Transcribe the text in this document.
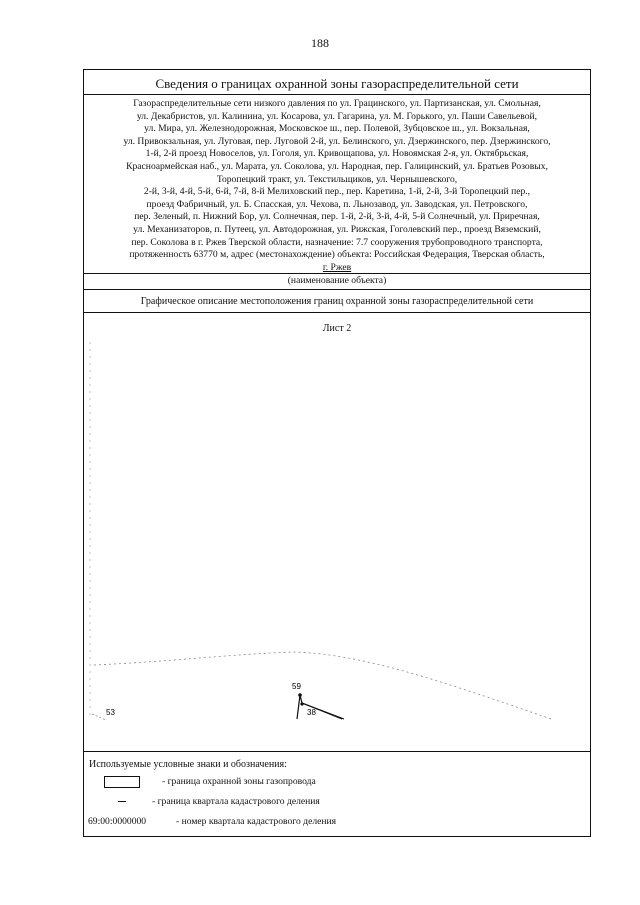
188
Сведения о границах охранной зоны газораспределительной сети
Газораспределительные сети низкого давления по ул. Грацинского, ул. Партизанская, ул. Смольная,
ул. Декабристов, ул. Калинина, ул. Косарова, ул. Гагарина, ул. М. Горького, ул. Паши Савельевой,
ул. Мира, ул. Железнодорожная, Московское ш., пер. Полевой, Зубцовское ш., ул. Вокзальная,
ул. Привокзальная, ул. Луговая, пер. Луговой 2-й, ул. Белинского, ул. Дзержинского, пер. Дзержинского,
1-й, 2-й проезд Новоселов, ул. Гоголя, ул. Кривощапова, ул. Новоямская 2-я, ул. Октябрьская,
Красноармейская наб., ул. Марата, ул. Соколова, ул. Народная, пер. Галицинский, ул. Братьев Розовых,
Торопецкий тракт, ул. Текстильщиков, ул. Чернышевского,
2-й, 3-й, 4-й, 5-й, 6-й, 7-й, 8-й Мелиховский пер., пер. Каретина, 1-й, 2-й, 3-й Торопецкий пер.,
проезд Фабричный, ул. Б. Спасская, ул. Чехова, п. Льнозавод, ул. Заводская, ул. Петровского,
пер. Зеленый, п. Нижний Бор, ул. Солнечная, пер. 1-й, 2-й, 3-й, 4-й, 5-й Солнечный, ул. Приречная,
ул. Механизаторов, п. Путеец, ул. Автодорожная, ул. Рижская, Гоголевский пер., проезд Вяземский,
пер. Соколова в г. Ржев Тверской области, назначение: 7.7 сооружения трубопроводного транспорта,
протяженность 63770 м, адрес (местонахождение) объекта: Российская Федерация, Тверская область,
г. Ржев
(наименование объекта)
Графическое описание местоположения границ охранной зоны газораспределительной сети
Лист 2
53
59
38
Используемые условные знаки и обозначения:
- граница охранной зоны газопровода
- граница квартала кадастрового деления
69:00:0000000	- номер квартала кадастрового деления
